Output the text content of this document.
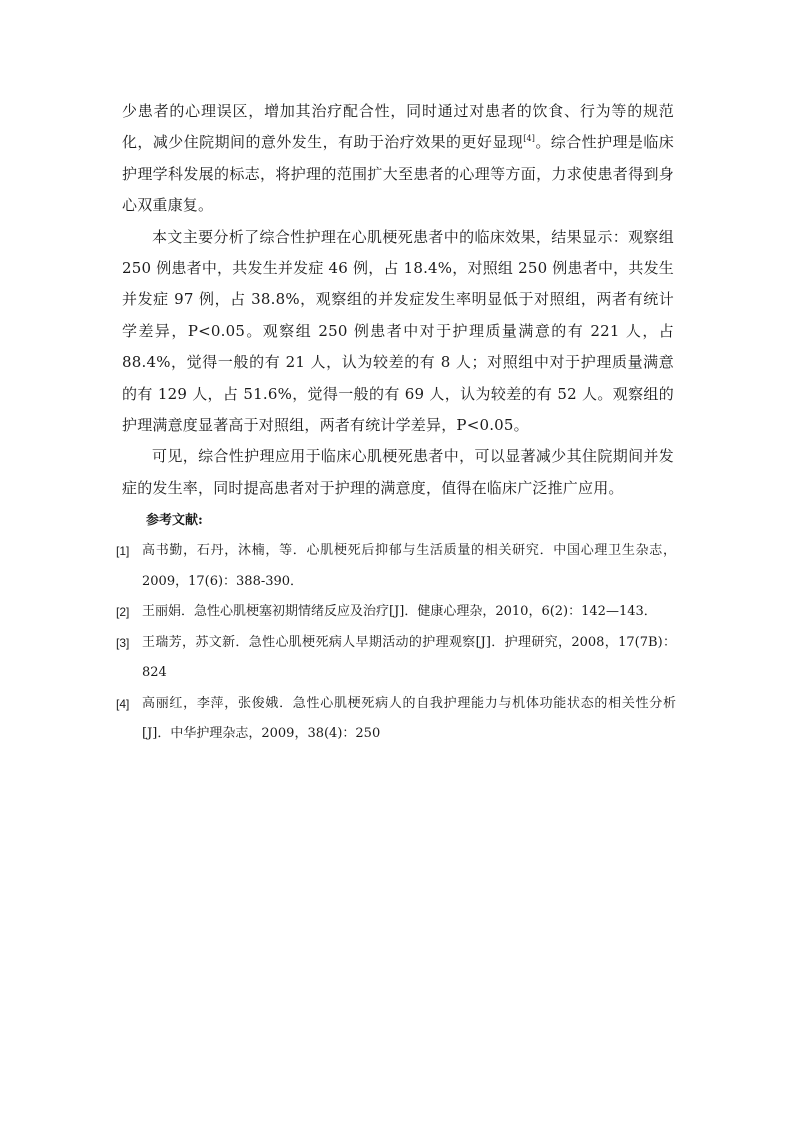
少患者的心理误区，增加其治疗配合性，同时通过对患者的饮食、行为等的规范化，减少住院期间的意外发生，有助于治疗效果的更好显现[4]。综合性护理是临床护理学科发展的标志，将护理的范围扩大至患者的心理等方面，力求使患者得到身心双重康复。

本文主要分析了综合性护理在心肌梗死患者中的临床效果，结果显示：观察组 250 例患者中，共发生并发症 46 例，占 18.4%，对照组 250 例患者中，共发生并发症 97 例，占 38.8%，观察组的并发症发生率明显低于对照组，两者有统计学差异，P<0.05。观察组 250 例患者中对于护理质量满意的有 221 人，占 88.4%，觉得一般的有 21 人，认为较差的有 8 人；对照组中对于护理质量满意的有 129 人，占 51.6%，觉得一般的有 69 人，认为较差的有 52 人。观察组的护理满意度显著高于对照组，两者有统计学差异，P<0.05。

可见，综合性护理应用于临床心肌梗死患者中，可以显著减少其住院期间并发症的发生率，同时提高患者对于护理的满意度，值得在临床广泛推广应用。

参考文献:

[1] 高书勤，石丹，沐楠，等．心肌梗死后抑郁与生活质量的相关研究．中国心理卫生杂志，2009，17(6)：388-390．
[2] 王丽娟．急性心肌梗塞初期情绪反应及治疗[J]．健康心理杂，2010，6(2)：142—143．
[3] 王瑞芳，苏文新．急性心肌梗死病人早期活动的护理观察[J]．护理研究，2008，17(7B)：824
[4] 高丽红，李萍，张俊娥．急性心肌梗死病人的自我护理能力与机体功能状态的相关性分析[J]．中华护理杂志，2009，38(4)：250
